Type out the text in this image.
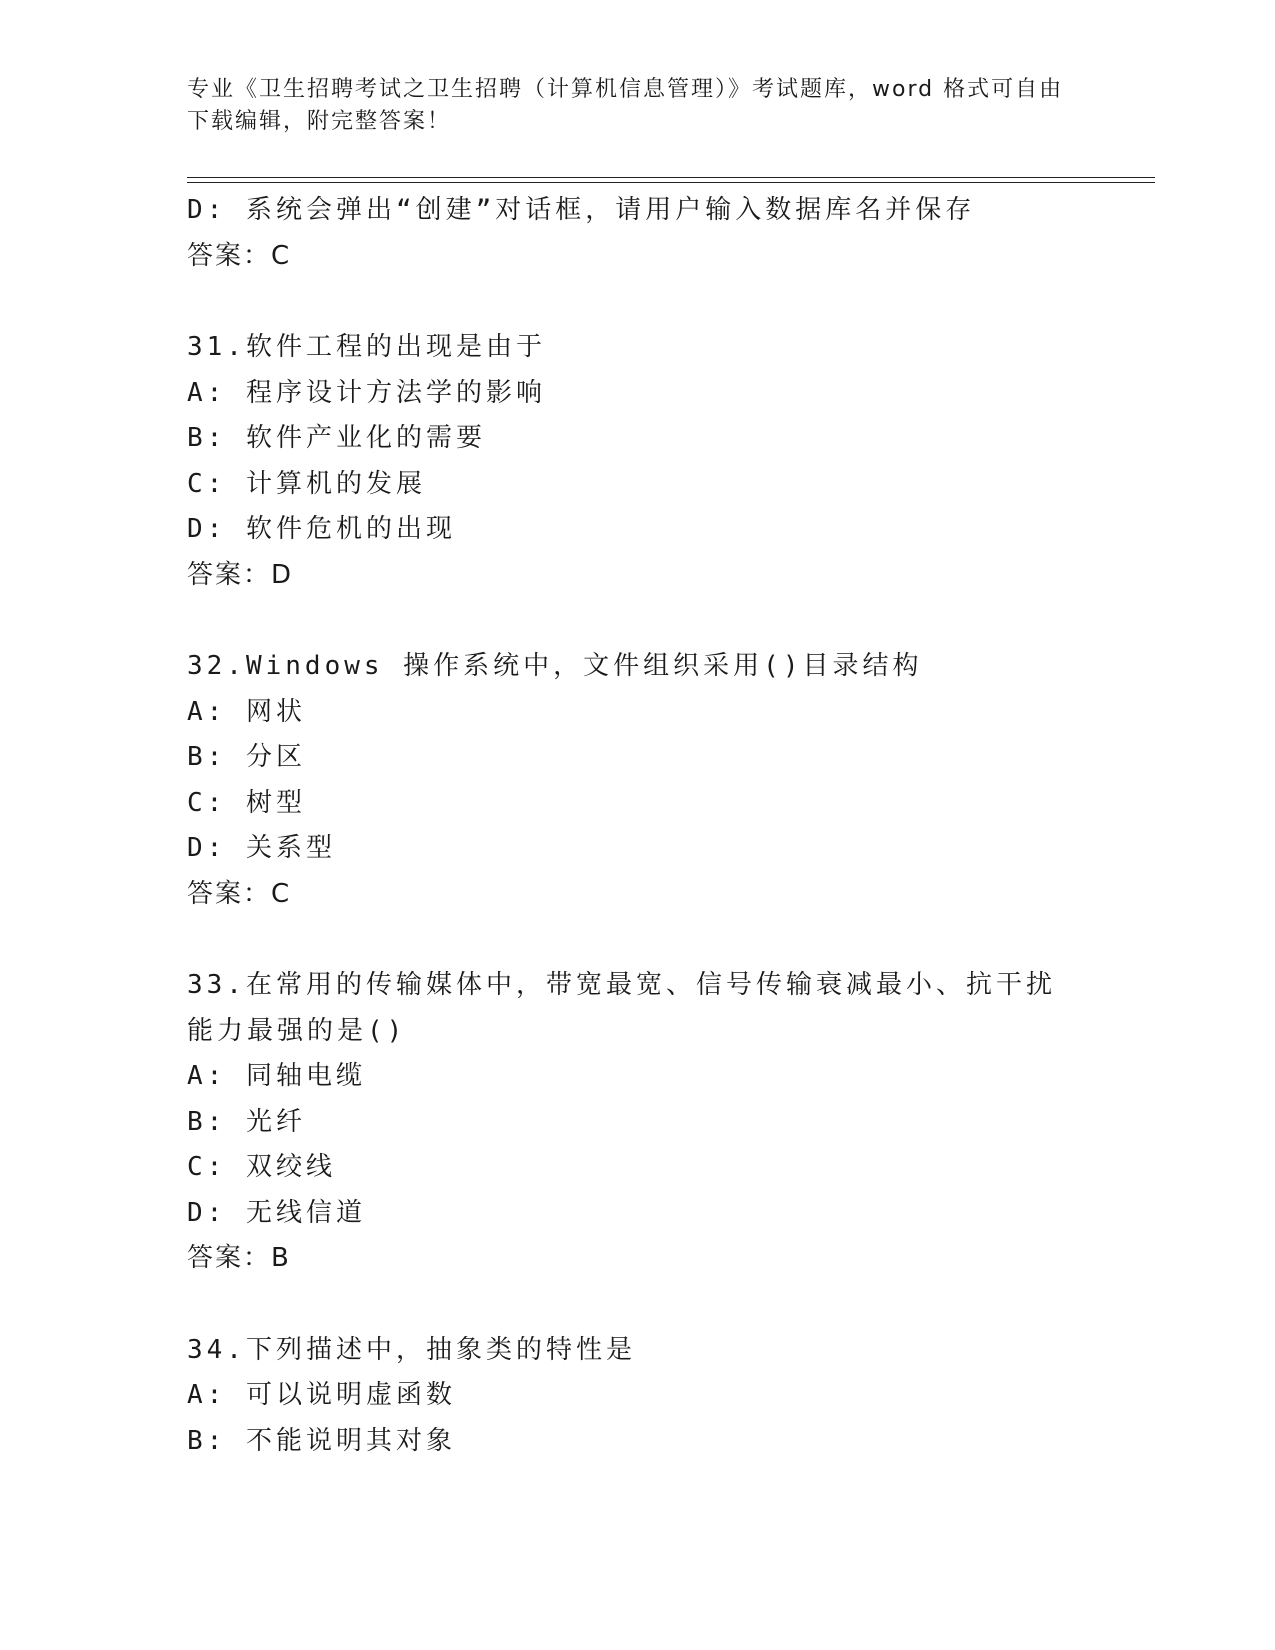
专业《卫生招聘考试之卫生招聘（计算机信息管理）》考试题库，word 格式可自由下载编辑，附完整答案！
D: 系统会弹出“创建”对话框，请用户输入数据库名并保存
答案：C
31.软件工程的出现是由于
A: 程序设计方法学的影响
B: 软件产业化的需要
C: 计算机的发展
D: 软件危机的出现
答案：D
32.Windows 操作系统中，文件组织采用()目录结构
A: 网状
B: 分区
C: 树型
D: 关系型
答案：C
33.在常用的传输媒体中，带宽最宽、信号传输衰减最小、抗干扰能力最强的是()
A: 同轴电缆
B: 光纤
C: 双绞线
D: 无线信道
答案：B
34.下列描述中，抽象类的特性是
A: 可以说明虚函数
B: 不能说明其对象
